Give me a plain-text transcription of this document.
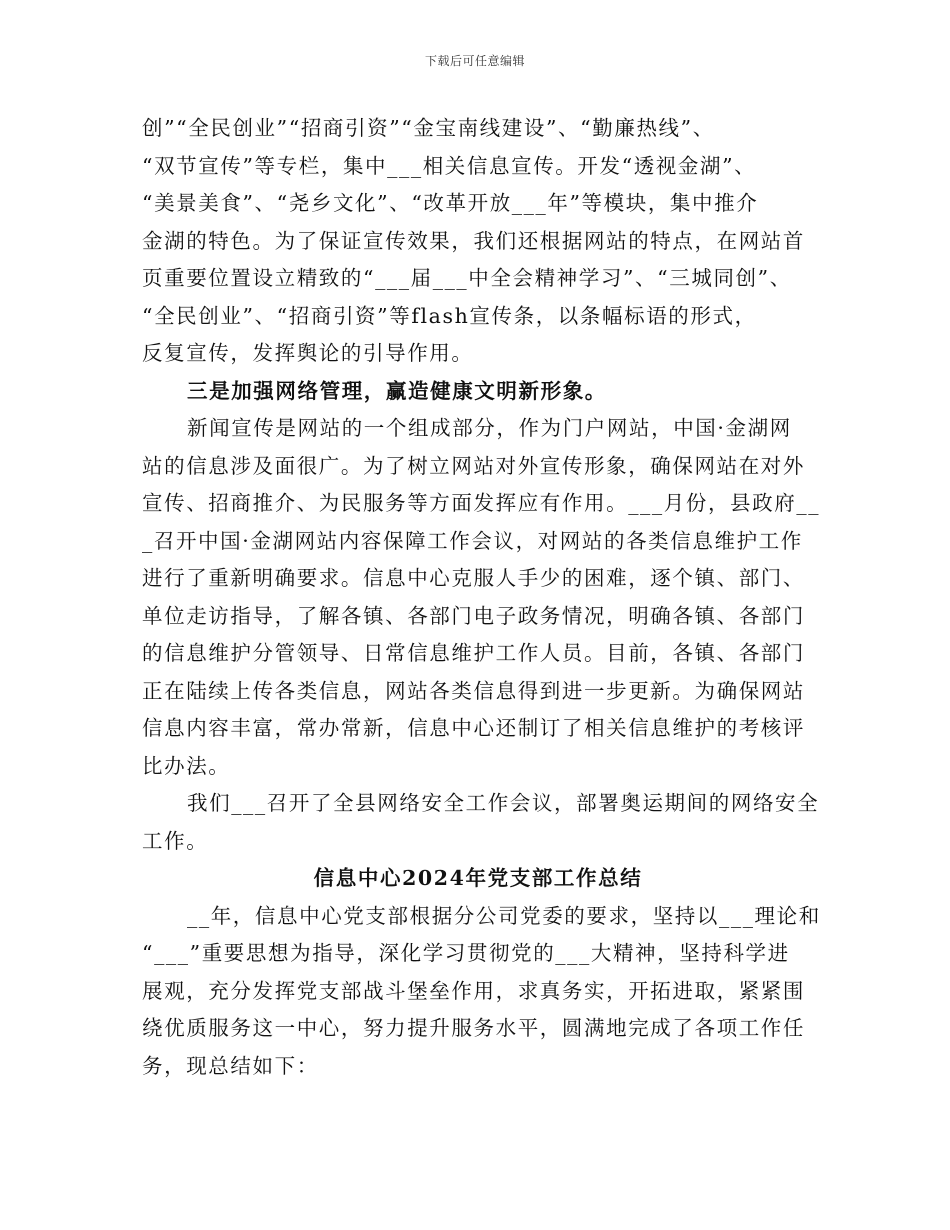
下载后可任意编辑
创”“全民创业”“招商引资”“金宝南线建设”、“勤廉热线”、
“双节宣传”等专栏，集中___相关信息宣传。开发“透视金湖”、
“美景美食”、“尧乡文化”、“改革开放___年”等模块，集中推介
金湖的特色。为了保证宣传效果，我们还根据网站的特点，在网站首
页重要位置设立精致的“___届___中全会精神学习”、“三城同创”、
“全民创业”、“招商引资”等flash宣传条，以条幅标语的形式，
反复宣传，发挥舆论的引导作用。
三是加强网络管理，赢造健康文明新形象。
新闻宣传是网站的一个组成部分，作为门户网站，中国·金湖网
站的信息涉及面很广。为了树立网站对外宣传形象，确保网站在对外
宣传、招商推介、为民服务等方面发挥应有作用。___月份，县政府__
_召开中国·金湖网站内容保障工作会议，对网站的各类信息维护工作
进行了重新明确要求。信息中心克服人手少的困难，逐个镇、部门、
单位走访指导，了解各镇、各部门电子政务情况，明确各镇、各部门
的信息维护分管领导、日常信息维护工作人员。目前，各镇、各部门
正在陆续上传各类信息，网站各类信息得到进一步更新。为确保网站
信息内容丰富，常办常新，信息中心还制订了相关信息维护的考核评
比办法。
我们___召开了全县网络安全工作会议，部署奥运期间的网络安全
工作。
信息中心2024年党支部工作总结
__年，信息中心党支部根据分公司党委的要求，坚持以___理论和
“___”重要思想为指导，深化学习贯彻党的___大精神，坚持科学进
展观，充分发挥党支部战斗堡垒作用，求真务实，开拓进取，紧紧围
绕优质服务这一中心，努力提升服务水平，圆满地完成了各项工作任
务，现总结如下：
